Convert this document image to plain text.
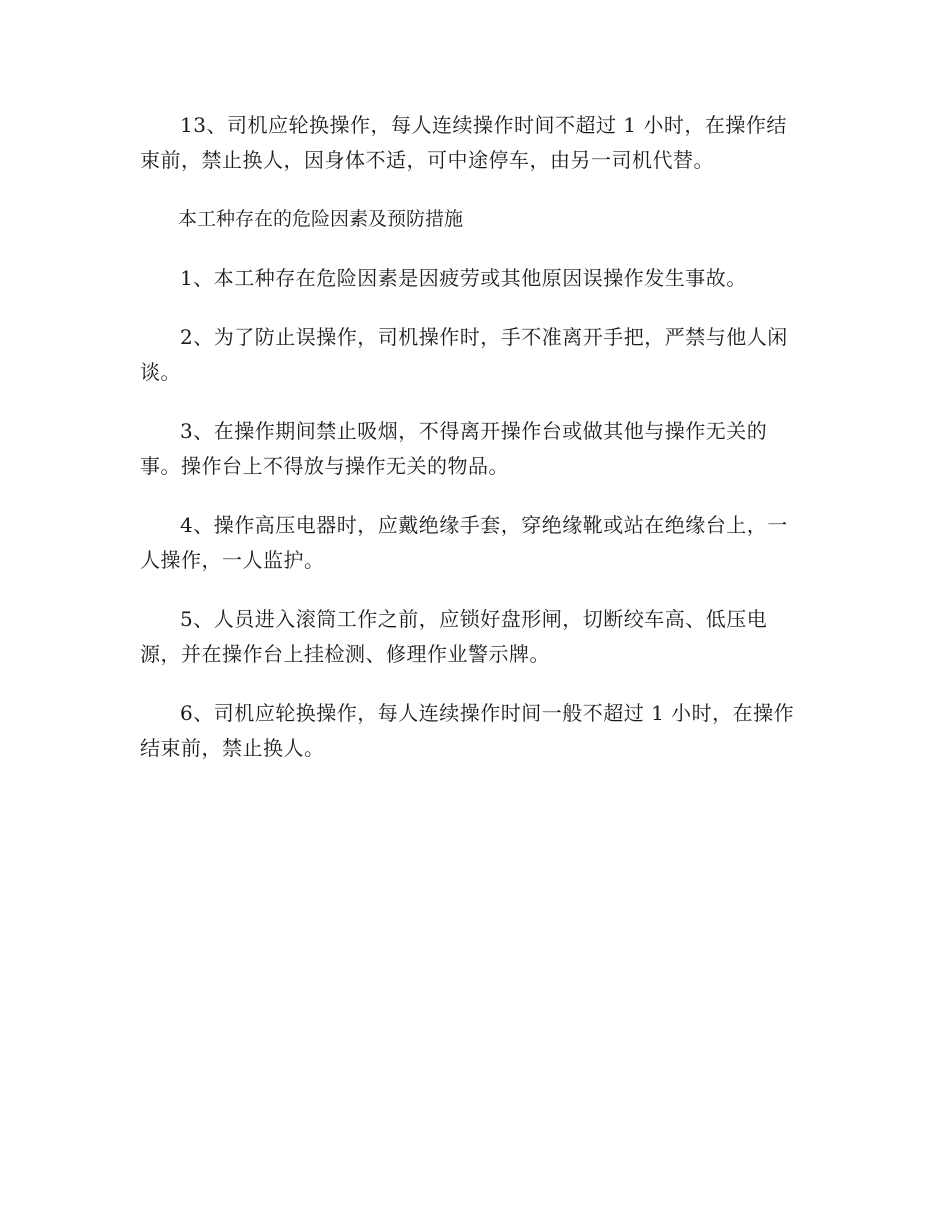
13、司机应轮换操作，每人连续操作时间不超过 1 小时，在操作结束前，禁止换人，因身体不适，可中途停车，由另一司机代替。

本工种存在的危险因素及预防措施

1、本工种存在危险因素是因疲劳或其他原因误操作发生事故。

2、为了防止误操作，司机操作时，手不准离开手把，严禁与他人闲谈。

3、在操作期间禁止吸烟，不得离开操作台或做其他与操作无关的事。操作台上不得放与操作无关的物品。

4、操作高压电器时，应戴绝缘手套，穿绝缘靴或站在绝缘台上，一人操作，一人监护。

5、人员进入滚筒工作之前，应锁好盘形闸，切断绞车高、低压电源，并在操作台上挂检测、修理作业警示牌。

6、司机应轮换操作，每人连续操作时间一般不超过 1 小时，在操作结束前，禁止换人。
